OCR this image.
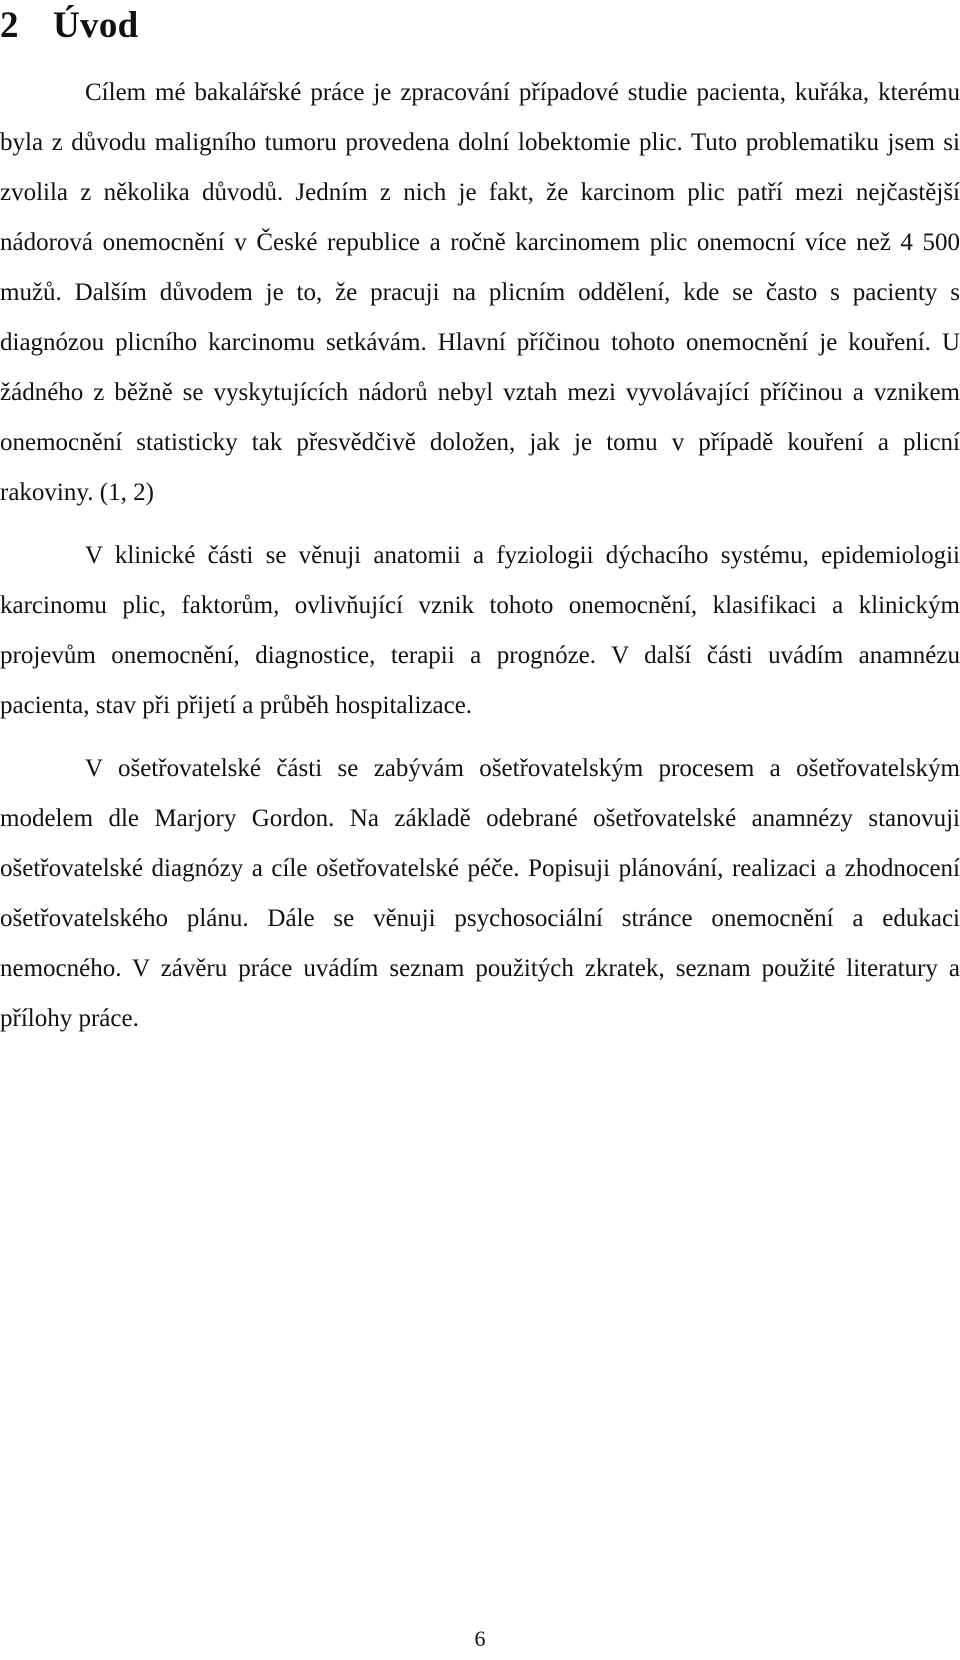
2 Úvod

Cílem mé bakalářské práce je zpracování případové studie pacienta, kuřáka, kterému byla z důvodu maligního tumoru provedena dolní lobektomie plic. Tuto problematiku jsem si zvolila z několika důvodů. Jedním z nich je fakt, že karcinom plic patří mezi nejčastější nádorová onemocnění v České republice a ročně karcinomem plic onemocní více než 4 500 mužů. Dalším důvodem je to, že pracuji na plicním oddělení, kde se často s pacienty s diagnózou plicního karcinomu setkávám. Hlavní příčinou tohoto onemocnění je kouření. U žádného z běžně se vyskytujících nádorů nebyl vztah mezi vyvolávající příčinou a vznikem onemocnění statisticky tak přesvědčivě doložen, jak je tomu v případě kouření a plicní rakoviny. (1, 2)

V klinické části se věnuji anatomii a fyziologii dýchacího systému, epidemiologii karcinomu plic, faktorům, ovlivňující vznik tohoto onemocnění, klasifikaci a klinickým projevům onemocnění, diagnostice, terapii a prognóze. V další části uvádím anamnézu pacienta, stav při přijetí a průběh hospitalizace.

V ošetřovatelské části se zabývám ošetřovatelským procesem a ošetřovatelským modelem dle Marjory Gordon. Na základě odebrané ošetřovatelské anamnézy stanovuji ošetřovatelské diagnózy a cíle ošetřovatelské péče. Popisuji plánování, realizaci a zhodnocení ošetřovatelského plánu. Dále se věnuji psychosociální stránce onemocnění a edukaci nemocného. V závěru práce uvádím seznam použitých zkratek, seznam použité literatury a přílohy práce.

6
